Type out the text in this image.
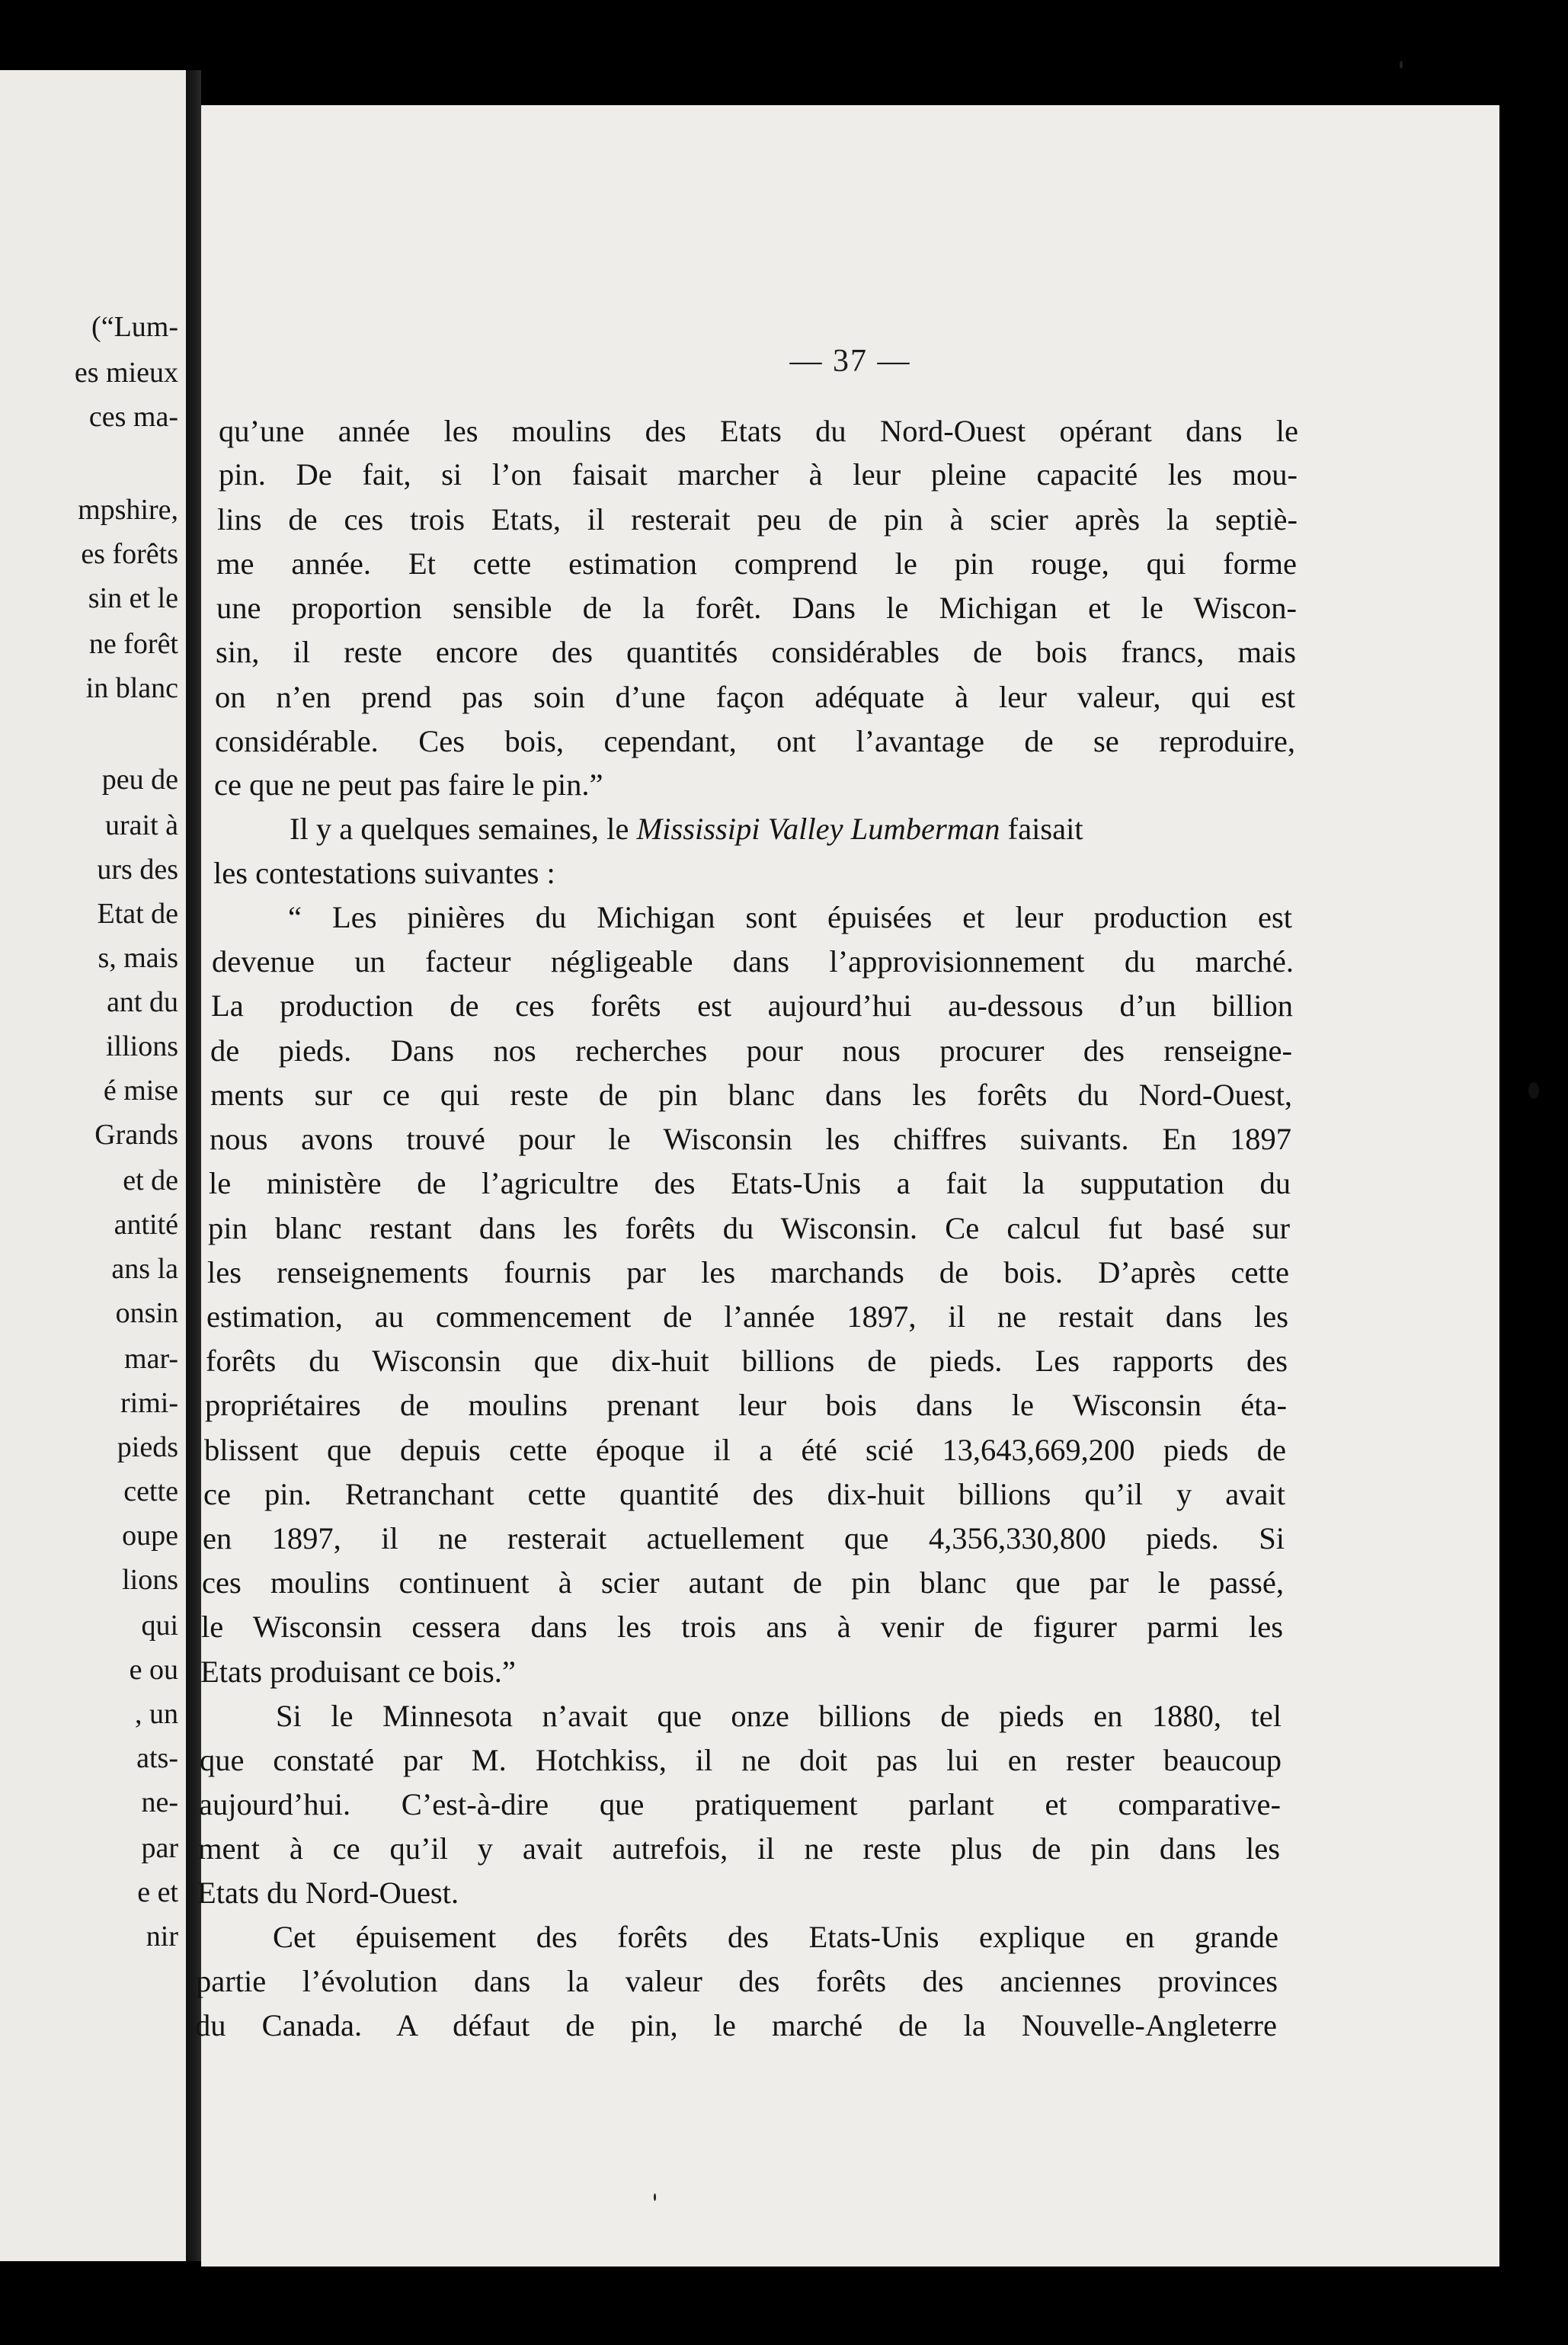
(“Lum-
es mieux
ces ma-
mpshire,
es forêts
sin et le
ne forêt
in blanc
peu de
urait à
urs des
Etat de
s, mais
ant du
illions
é mise
Grands
et de
antité
ans la
onsin
mar-
rimi-
pieds
cette
oupe
lions
qui
e ou
, un
ats-
ne-
par
e et
nir
— 37 —
qu’une année les moulins des Etats du Nord-Ouest opérant dans le
pin. De fait, si l’on faisait marcher à leur pleine capacité les mou-
lins de ces trois Etats, il resterait peu de pin à scier après la septiè-
me année. Et cette estimation comprend le pin rouge, qui forme
une proportion sensible de la forêt. Dans le Michigan et le Wiscon-
sin, il reste encore des quantités considérables de bois francs, mais
on n’en prend pas soin d’une façon adéquate à leur valeur, qui est
considérable. Ces bois, cependant, ont l’avantage de se reproduire,
ce que ne peut pas faire le pin.”
Il y a quelques semaines, le Mississipi Valley Lumberman faisait
les contestations suivantes :
“ Les pinières du Michigan sont épuisées et leur production est
devenue un facteur négligeable dans l’approvisionnement du marché.
La production de ces forêts est aujourd’hui au-dessous d’un billion
de pieds. Dans nos recherches pour nous procurer des renseigne-
ments sur ce qui reste de pin blanc dans les forêts du Nord-Ouest,
nous avons trouvé pour le Wisconsin les chiffres suivants. En 1897
le ministère de l’agricultre des Etats-Unis a fait la supputation du
pin blanc restant dans les forêts du Wisconsin. Ce calcul fut basé sur
les renseignements fournis par les marchands de bois. D’après cette
estimation, au commencement de l’année 1897, il ne restait dans les
forêts du Wisconsin que dix-huit billions de pieds. Les rapports des
propriétaires de moulins prenant leur bois dans le Wisconsin éta-
blissent que depuis cette époque il a été scié 13,643,669,200 pieds de
ce pin. Retranchant cette quantité des dix-huit billions qu’il y avait
en 1897, il ne resterait actuellement que 4,356,330,800 pieds. Si
ces moulins continuent à scier autant de pin blanc que par le passé,
le Wisconsin cessera dans les trois ans à venir de figurer parmi les
Etats produisant ce bois.”
Si le Minnesota n’avait que onze billions de pieds en 1880, tel
que constaté par M. Hotchkiss, il ne doit pas lui en rester beaucoup
aujourd’hui. C’est-à-dire que pratiquement parlant et comparative-
ment à ce qu’il y avait autrefois, il ne reste plus de pin dans les
Etats du Nord-Ouest.
Cet épuisement des forêts des Etats-Unis explique en grande
partie l’évolution dans la valeur des forêts des anciennes provinces
du Canada. A défaut de pin, le marché de la Nouvelle-Angleterre
